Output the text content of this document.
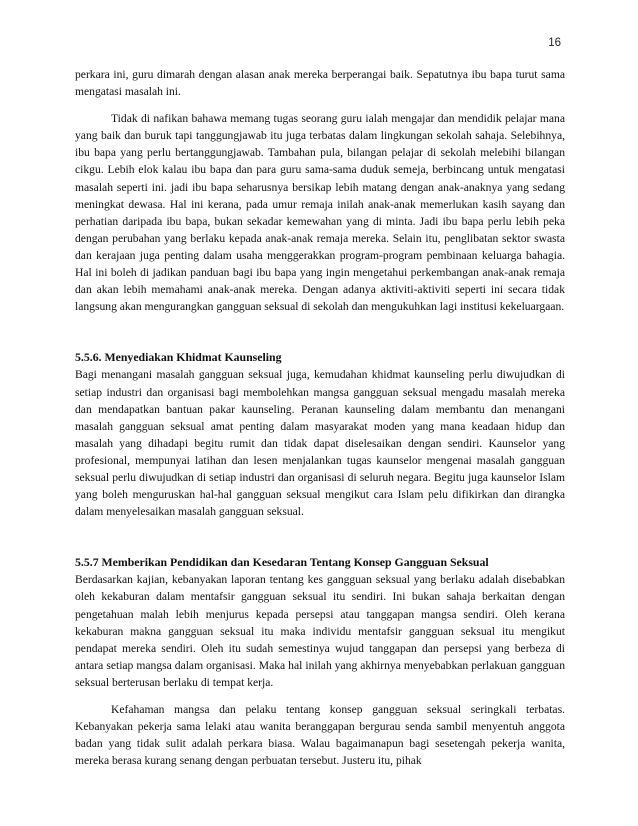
16

perkara ini, guru dimarah dengan alasan anak mereka berperangai baik. Sepatutnya ibu bapa turut sama mengatasi masalah ini.

Tidak di nafikan bahawa memang tugas seorang guru ialah mengajar dan mendidik pelajar mana yang baik dan buruk tapi tanggungjawab itu juga terbatas dalam lingkungan sekolah sahaja. Selebihnya, ibu bapa yang perlu bertanggungjawab. Tambahan pula, bilangan pelajar di sekolah melebihi bilangan cikgu. Lebih elok kalau ibu bapa dan para guru sama-sama duduk semeja, berbincang untuk mengatasi masalah seperti ini. jadi ibu bapa seharusnya bersikap lebih matang dengan anak-anaknya yang sedang meningkat dewasa. Hal ini kerana, pada umur remaja inilah anak-anak memerlukan kasih sayang dan perhatian daripada ibu bapa, bukan sekadar kemewahan yang di minta. Jadi ibu bapa perlu lebih peka dengan perubahan yang berlaku kepada anak-anak remaja mereka. Selain itu, penglibatan sektor swasta dan kerajaan juga penting dalam usaha menggerakkan program-program pembinaan keluarga bahagia. Hal ini boleh di jadikan panduan bagi ibu bapa yang ingin mengetahui perkembangan anak-anak remaja dan akan lebih memahami anak-anak mereka. Dengan adanya aktiviti-aktiviti seperti ini secara tidak langsung akan mengurangkan gangguan seksual di sekolah dan mengukuhkan lagi institusi kekeluargaan.

5.5.6. Menyediakan Khidmat Kaunseling

Bagi menangani masalah gangguan seksual juga, kemudahan khidmat kaunseling perlu diwujudkan di setiap industri dan organisasi bagi membolehkan mangsa gangguan seksual mengadu masalah mereka dan mendapatkan bantuan pakar kaunseling. Peranan kaunseling dalam membantu dan menangani masalah gangguan seksual amat penting dalam masyarakat moden yang mana keadaan hidup dan masalah yang dihadapi begitu rumit dan tidak dapat diselesaikan dengan sendiri. Kaunselor yang profesional, mempunyai latihan dan lesen menjalankan tugas kaunselor mengenai masalah gangguan seksual perlu diwujudkan di setiap industri dan organisasi di seluruh negara. Begitu juga kaunselor Islam yang boleh menguruskan hal-hal gangguan seksual mengikut cara Islam pelu difikirkan dan dirangka dalam menyelesaikan masalah gangguan seksual.

5.5.7 Memberikan Pendidikan dan Kesedaran Tentang Konsep Gangguan Seksual

Berdasarkan kajian, kebanyakan laporan tentang kes gangguan seksual yang berlaku adalah disebabkan oleh kekaburan dalam mentafsir gangguan seksual itu sendiri. Ini bukan sahaja berkaitan dengan pengetahuan malah lebih menjurus kepada persepsi atau tanggapan mangsa sendiri. Oleh kerana kekaburan makna gangguan seksual itu maka individu mentafsir gangguan seksual itu mengikut pendapat mereka sendiri. Oleh itu sudah semestinya wujud tanggapan dan persepsi yang berbeza di antara setiap mangsa dalam organisasi. Maka hal inilah yang akhirnya menyebabkan perlakuan gangguan seksual berterusan berlaku di tempat kerja.

Kefahaman mangsa dan pelaku tentang konsep gangguan seksual seringkali terbatas. Kebanyakan pekerja sama lelaki atau wanita beranggapan bergurau senda sambil menyentuh anggota badan yang tidak sulit adalah perkara biasa. Walau bagaimanapun bagi sesetengah pekerja wanita, mereka berasa kurang senang dengan perbuatan tersebut. Justeru itu, pihak
